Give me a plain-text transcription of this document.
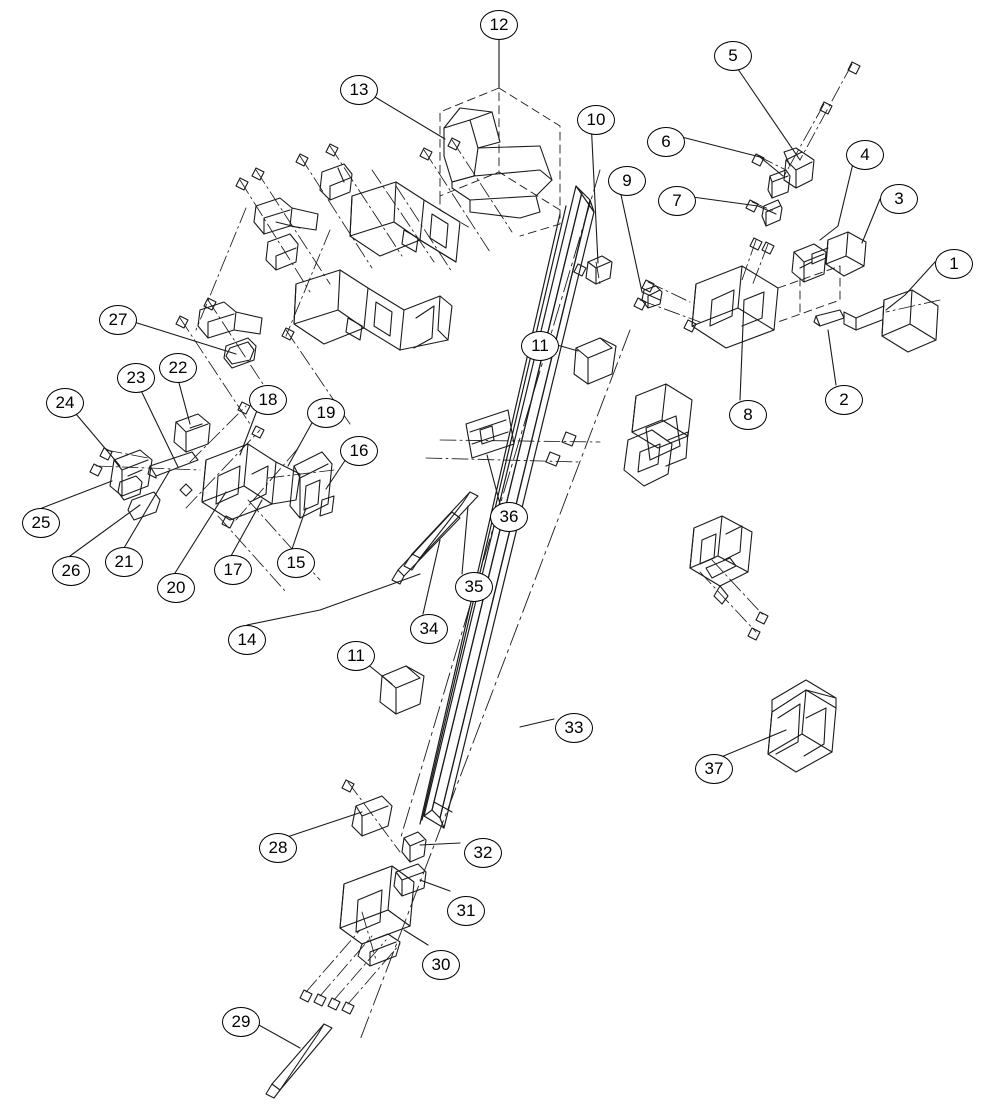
1
2
3
4
5
6
7
8
9
10
11
12
13
14
15
16
17
18
19
20
21
22
23
24
25
26
27
28
29
30
31
32
33
34
35
36
11
37
